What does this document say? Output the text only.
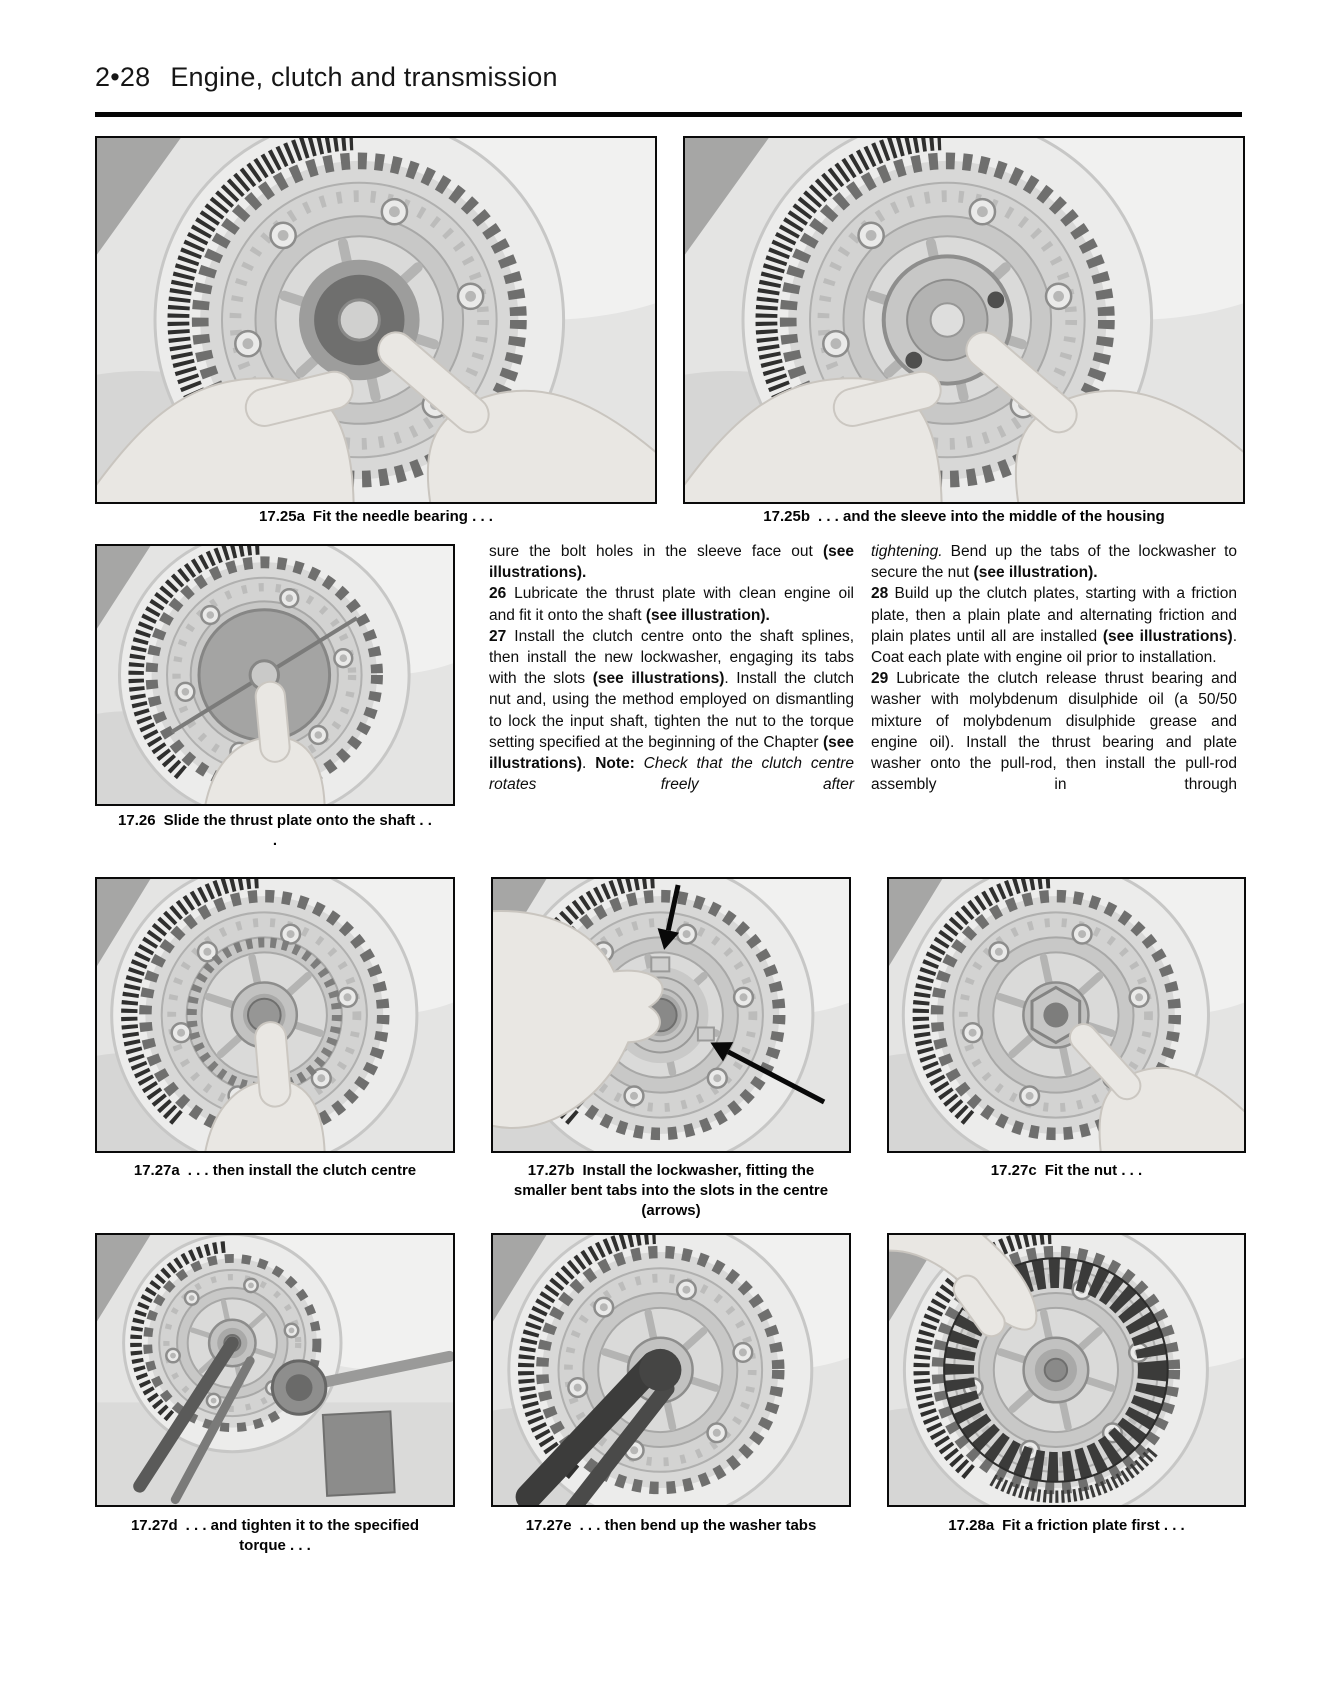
2•28 Engine, clutch and transmission
17.25a Fit the needle bearing . . .	17.25b . . . and the sleeve into the middle of the housing
17.26 Slide the thrust plate onto the shaft . . .

sure the bolt holes in the sleeve face out (see illustrations).

26 Lubricate the thrust plate with clean engine oil and fit it onto the shaft (see illustration).

27 Install the clutch centre onto the shaft splines, then install the new lockwasher, engaging its tabs with the slots (see illustrations). Install the clutch nut and, using the method employed on dismantling to lock the input shaft, tighten the nut to the torque setting specified at the beginning of the Chapter (see illustrations). Note: Check that the clutch centre rotates freely after

tightening. Bend up the tabs of the lockwasher to secure the nut (see illustration).

28 Build up the clutch plates, starting with a friction plate, then a plain plate and alternating friction and plain plates until all are installed (see illustrations). Coat each plate with engine oil prior to installation.

29 Lubricate the clutch release thrust bearing and washer with molybdenum disulphide oil (a 50/50 mixture of molybdenum disulphide grease and engine oil). Install the thrust bearing and plate washer onto the pull-rod, then install the pull-rod assembly in through

17.27a . . . then install the clutch centre	17.27b Install the lockwasher, fitting the smaller bent tabs into the slots in the centre (arrows)
17.27c Fit the nut . . .
17.27d . . . and tighten it to the specified torque . . .
17.27e . . . then bend up the washer tabs	17.28a Fit a friction plate first . . .
